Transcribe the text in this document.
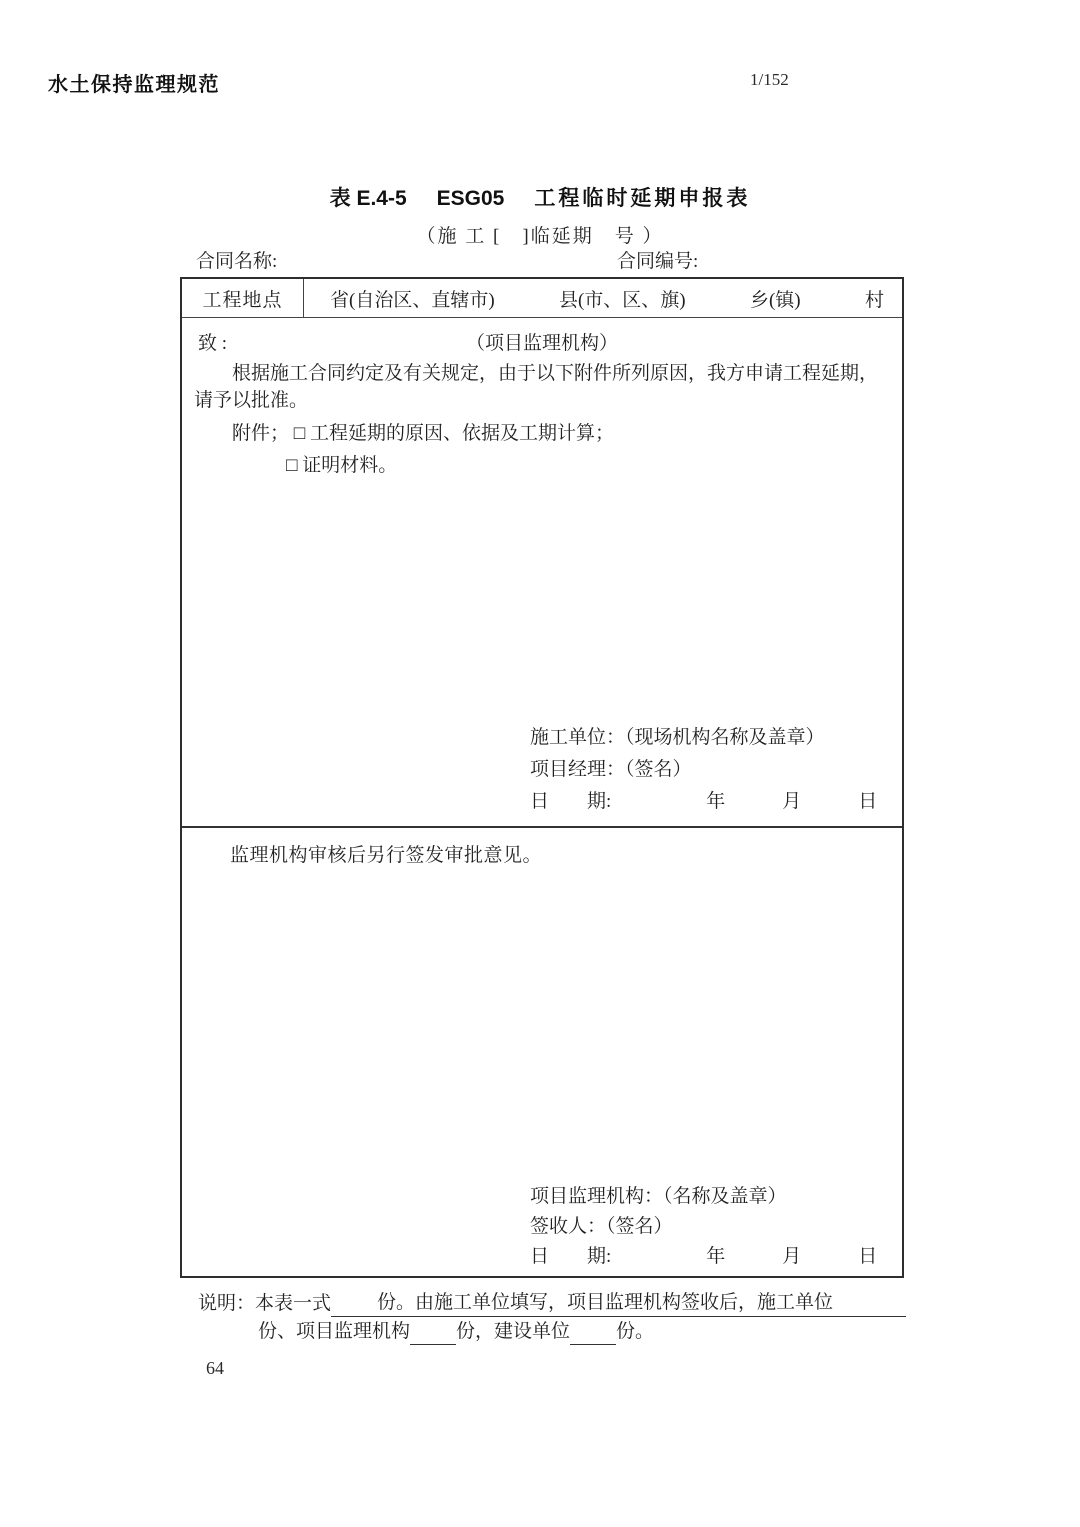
水土保持监理规范	1/152
表 E.4-5 ESG05 工程临时延期申报表
（施 工 [　]临延期　号 ）
合同名称:	合同编号:
工程地点	省(自治区、直辖市)	县(市、区、旗)	乡(镇)	村
致 :	（项目监理机构）
根据施工合同约定及有关规定，由于以下附件所列原因，我方申请工程延期，请予以批准。
附件； □ 工程延期的原因、依据及工期计算；
□ 证明材料。
施工单位：（现场机构名称及盖章）
项目经理：（签名）
日　　期:　　　　　年　　　月　　　日
监理机构审核后另行签发审批意见。
项目监理机构：（名称及盖章）
签收人：（签名）
日　　期:　　　　　年　　　月　　　日
说明： 本表一式 份。由施工单位填写，项目监理机构签收后，施工单位
份、项目监理机构 份，建设单位 份。
64
